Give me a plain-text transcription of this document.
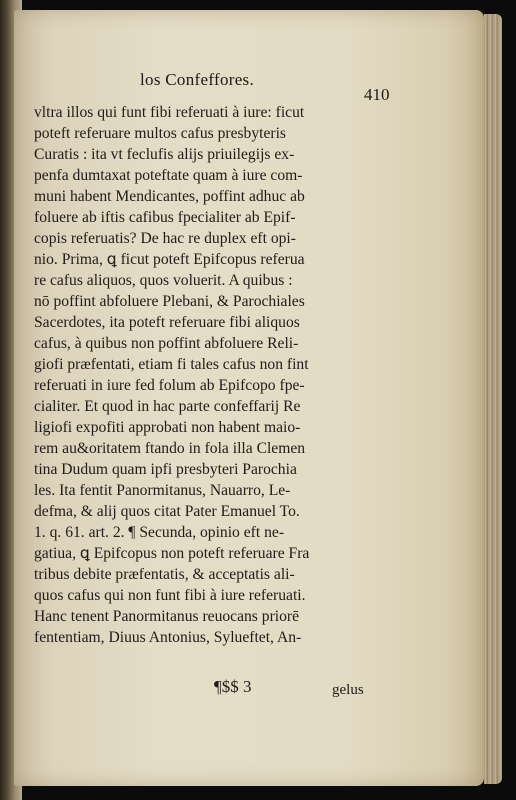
los Confeffores.
410
vltra illos qui funt fibi referuati à iure: ficut
poteft referuare multos cafus presbyteris
Curatis : ita vt feclufis alijs priuilegijs ex-
penfa dumtaxat poteftate quam à iure com-
muni habent Mendicantes, poffint adhuc ab
foluere ab iftis cafibus fpecialiter ab Epif-
copis referuatis? De hac re duplex eft opi-
nio. Prima, ꝗ ficut poteft Epifcopus referua
re cafus aliquos, quos voluerit. A quibus :
nō poffint abfoluere Plebani, & Parochiales
Sacerdotes, ita poteft referuare fibi aliquos
cafus, à quibus non poffint abfoluere Reli-
giofi præfentati, etiam fi tales cafus non fint
referuati in iure fed folum ab Epifcopo fpe-
cialiter. Et quod in hac parte confeffarij Re
ligiofi expofiti approbati non habent maio-
rem au&oritatem ftando in fola illa Clemen
tina Dudum quam ipfi presbyteri Parochia
les. Ita fentit Panormitanus, Nauarro, Le-
defma, & alij quos citat Pater Emanuel To.
1. q. 61. art. 2. ¶ Secunda, opinio eft ne-
gatiua, ꝗ Epifcopus non poteft referuare Fra
tribus debite præfentatis, & acceptatis ali-
quos cafus qui non funt fibi à iure referuati.
Hanc tenent Panormitanus reuocans priorē
fententiam, Diuus Antonius, Sylueftet, An-
¶$$ 3	gelus
